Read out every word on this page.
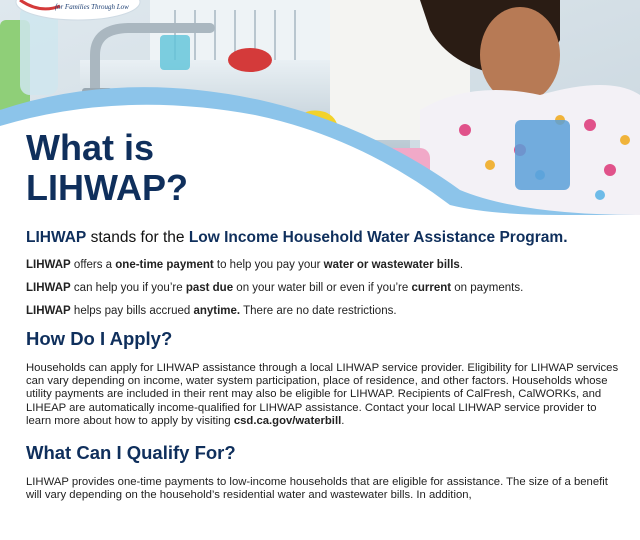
for Families Through Low
What is
LIHWAP?
LIHWAP stands for the Low Income Household Water Assistance Program.

LIHWAP offers a one-time payment to help you pay your water or wastewater bills.

LIHWAP can help you if you’re past due on your water bill or even if you’re current on payments.

LIHWAP helps pay bills accrued anytime. There are no date restrictions.

How Do I Apply?

Households can apply for LIHWAP assistance through a local LIHWAP service provider. Eligibility for LIHWAP services can vary depending on income, water system participation, place of residence, and other factors. Households whose utility payments are included in their rent may also be eligible for LIHWAP. Recipients of CalFresh, CalWORKs, and LIHEAP are automatically income-qualified for LIHWAP assistance. Contact your local LIHWAP service provider to learn more about how to apply by visiting csd.ca.gov/waterbill.

What Can I Qualify For?

LIHWAP provides one-time payments to low-income households that are eligible for assistance. The size of a benefit will vary depending on the household’s residential water and wastewater bills. In addition,
